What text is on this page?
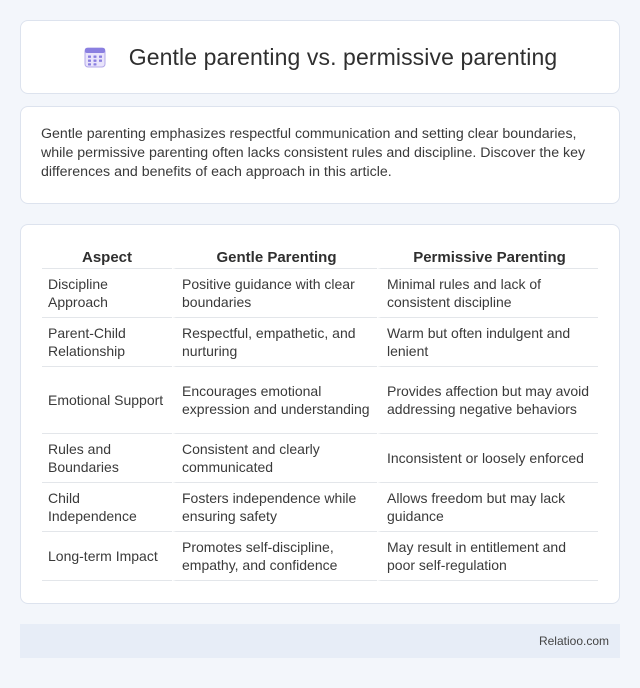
Gentle parenting vs. permissive parenting

Gentle parenting emphasizes respectful communication and setting clear boundaries, while permissive parenting often lacks consistent rules and discipline. Discover the key differences and benefits of each approach in this article.

Aspect	Gentle Parenting	Permissive Parenting
Discipline Approach	Positive guidance with clear boundaries	Minimal rules and lack of consistent discipline
Parent-Child Relationship	Respectful, empathetic, and nurturing	Warm but often indulgent and lenient
Emotional Support	Encourages emotional expression and understanding	Provides affection but may avoid addressing negative behaviors
Rules and Boundaries	Consistent and clearly communicated	Inconsistent or loosely enforced
Child Independence	Fosters independence while ensuring safety	Allows freedom but may lack guidance
Long-term Impact	Promotes self-discipline, empathy, and confidence	May result in entitlement and poor self-regulation
Relatioo.com
